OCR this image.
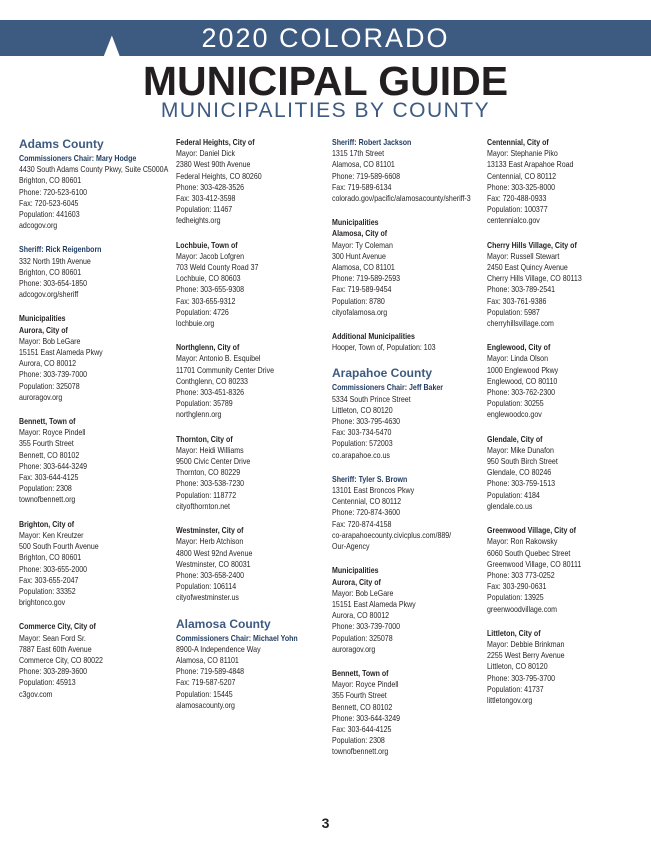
2020 COLORADO
MUNICIPAL GUIDE
MUNICIPALITIES BY COUNTY
Adams County
Commissioners Chair: Mary Hodge
4430 South Adams County Pkwy, Suite C5000A
Brighton, CO 80601
Phone: 720-523-6100
Fax: 720-523-6045
Population: 441603
adcogov.org
Sheriff: Rick Reigenborn
332 North 19th Avenue
Brighton, CO 80601
Phone: 303-654-1850
adcogov.org/sheriff
Municipalities
Aurora, City of
Mayor: Bob LeGare
15151 East Alameda Pkwy
Aurora, CO 80012
Phone: 303-739-7000
Population: 325078
auroragov.org
Bennett, Town of
Mayor: Royce Pindell
355 Fourth Street
Bennett, CO 80102
Phone: 303-644-3249
Fax: 303-644-4125
Population: 2308
townofbennett.org
Brighton, City of
Mayor: Ken Kreutzer
500 South Fourth Avenue
Brighton, CO 80601
Phone: 303-655-2000
Fax: 303-655-2047
Population: 33352
brightonco.gov
Commerce City, City of
Mayor: Sean Ford Sr.
7887 East 60th Avenue
Commerce City, CO 80022
Phone: 303-289-3600
Population: 45913
c3gov.com
Federal Heights, City of
Mayor: Daniel Dick
2380 West 90th Avenue
Federal Heights, CO 80260
Phone: 303-428-3526
Fax: 303-412-3598
Population: 11467
fedheights.org
Lochbuie, Town of
Mayor: Jacob Lofgren
703 Weld County Road 37
Lochbuie, CO 80603
Phone: 303-655-9308
Fax: 303-655-9312
Population: 4726
lochbuie.org
Northglenn, City of
Mayor: Antonio B. Esquibel
11701 Community Center Drive
Conthglenn, CO 80233
Phone: 303-451-8326
Population: 35789
northglenn.org
Thornton, City of
Mayor: Heidi Williams
9500 Civic Center Drive
Thornton, CO 80229
Phone: 303-538-7230
Population: 118772
cityofthornton.net
Westminster, City of
Mayor: Herb Atchison
4800 West 92nd Avenue
Westminster, CO 80031
Phone: 303-658-2400
Population: 106114
cityofwestminster.us
Alamosa County
Commissioners Chair: Michael Yohn
8900-A Independence Way
Alamosa, CO 81101
Phone: 719-589-4848
Fax: 719-587-5207
Population: 15445
alamosacounty.org
Sheriff: Robert Jackson
1315 17th Street
Alamosa, CO 81101
Phone: 719-589-6608
Fax: 719-589-6134
colorado.gov/pacific/alamosacounty/sheriff-3
Municipalities
Alamosa, City of
Mayor: Ty Coleman
300 Hunt Avenue
Alamosa, CO 81101
Phone: 719-589-2593
Fax: 719-589-9454
Population: 8780
cityofalamosa.org
Additional Municipalities
Hooper, Town of, Population: 103
Arapahoe County
Commissioners Chair: Jeff Baker
5334 South Prince Street
Littleton, CO 80120
Phone: 303-795-4630
Fax: 303-734-5470
Population: 572003
co.arapahoe.co.us
Sheriff: Tyler S. Brown
13101 East Broncos Pkwy
Centennial, CO 80112
Phone: 720-874-3600
Fax: 720-874-4158
co-arapahoecounty.civicplus.com/889/
Our-Agency
Municipalities
Aurora, City of
Mayor: Bob LeGare
15151 East Alameda Pkwy
Aurora, CO 80012
Phone: 303-739-7000
Population: 325078
auroragov.org
Bennett, Town of
Mayor: Royce Pindell
355 Fourth Street
Bennett, CO 80102
Phone: 303-644-3249
Fax: 303-644-4125
Population: 2308
townofbennett.org
Centennial, City of
Mayor: Stephanie Piko
13133 East Arapahoe Road
Centennial, CO 80112
Phone: 303-325-8000
Fax: 720-488-0933
Population: 100377
centennialco.gov
Cherry Hills Village, City of
Mayor: Russell Stewart
2450 East Quincy Avenue
Cherry Hills Village, CO 80113
Phone: 303-789-2541
Fax: 303-761-9386
Population: 5987
cherryhillsvillage.com
Englewood, City of
Mayor: Linda Olson
1000 Englewood Pkwy
Englewood, CO 80110
Phone: 303-762-2300
Population: 30255
englewoodco.gov
Glendale, City of
Mayor: Mike Dunafon
950 South Birch Street
Glendale, CO 80246
Phone: 303-759-1513
Population: 4184
glendale.co.us
Greenwood Village, City of
Mayor: Ron Rakowsky
6060 South Quebec Street
Greenwood Village, CO 80111
Phone: 303 773-0252
Fax: 303-290-0631
Population: 13925
greenwoodvillage.com
Littleton, City of
Mayor: Debbie Brinkman
2255 West Berry Avenue
Littleton, CO 80120
Phone: 303-795-3700
Population: 41737
littletongov.org
3
